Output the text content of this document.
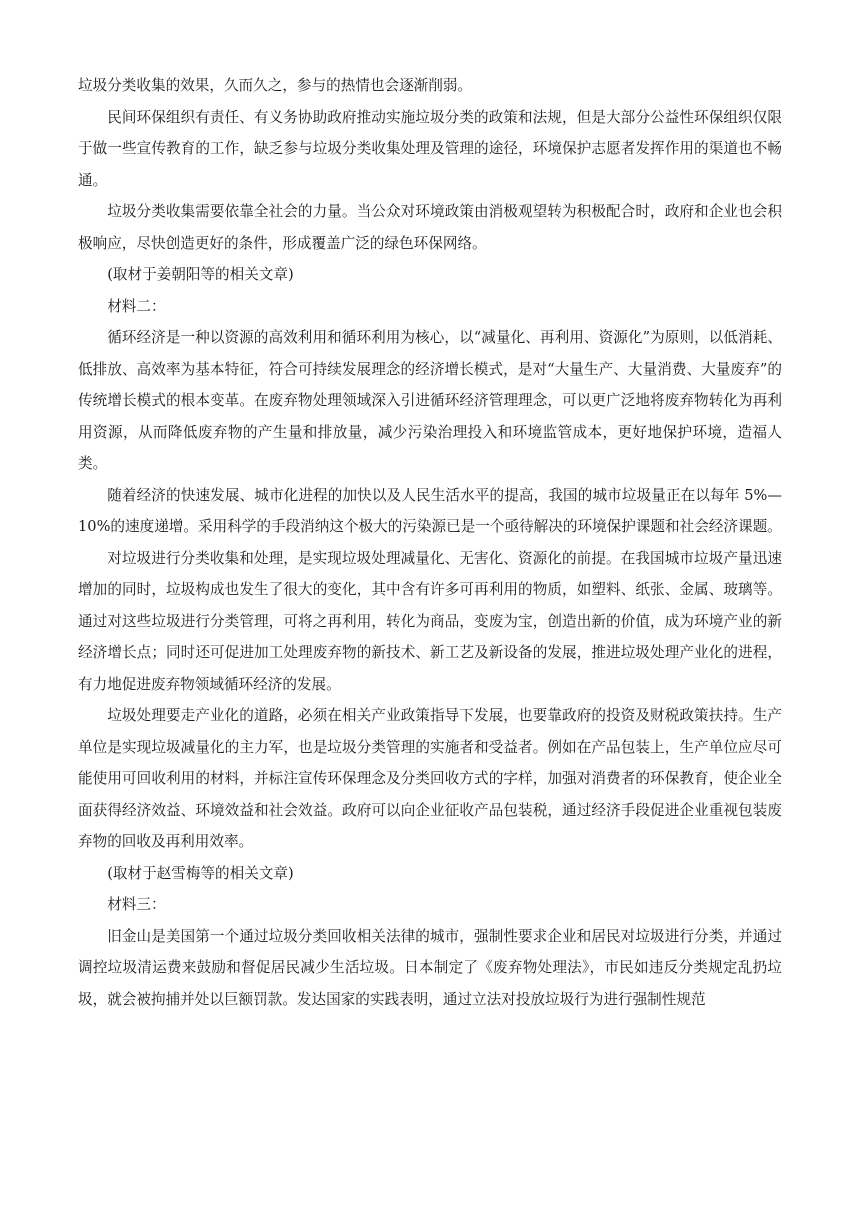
垃圾分类收集的效果，久而久之，参与的热情也会逐渐削弱。

民间环保组织有责任、有义务协助政府推动实施垃圾分类的政策和法规，但是大部分公益性环保组织仅限于做一些宣传教育的工作，缺乏参与垃圾分类收集处理及管理的途径，环境保护志愿者发挥作用的渠道也不畅通。

垃圾分类收集需要依靠全社会的力量。当公众对环境政策由消极观望转为积极配合时，政府和企业也会积极响应，尽快创造更好的条件，形成覆盖广泛的绿色环保网络。

(取材于姜朝阳等的相关文章)

材料二：

循环经济是一种以资源的高效利用和循环利用为核心，以“减量化、再利用、资源化”为原则，以低消耗、低排放、高效率为基本特征，符合可持续发展理念的经济增长模式，是对“大量生产、大量消费、大量废弃”的传统增长模式的根本变革。在废弃物处理领域深入引进循环经济管理理念，可以更广泛地将废弃物转化为再利用资源，从而降低废弃物的产生量和排放量，减少污染治理投入和环境监管成本，更好地保护环境，造福人类。

随着经济的快速发展、城市化进程的加快以及人民生活水平的提高，我国的城市垃圾量正在以每年 5%—10%的速度递增。采用科学的手段消纳这个极大的污染源已是一个亟待解决的环境保护课题和社会经济课题。

对垃圾进行分类收集和处理，是实现垃圾处理减量化、无害化、资源化的前提。在我国城市垃圾产量迅速增加的同时，垃圾构成也发生了很大的变化，其中含有许多可再利用的物质，如塑料、纸张、金属、玻璃等。通过对这些垃圾进行分类管理，可将之再利用，转化为商品，变废为宝，创造出新的价值，成为环境产业的新经济增长点；同时还可促进加工处理废弃物的新技术、新工艺及新设备的发展，推进垃圾处理产业化的进程，有力地促进废弃物领域循环经济的发展。

垃圾处理要走产业化的道路，必须在相关产业政策指导下发展，也要靠政府的投资及财税政策扶持。生产单位是实现垃圾减量化的主力军，也是垃圾分类管理的实施者和受益者。例如在产品包装上，生产单位应尽可能使用可回收利用的材料，并标注宣传环保理念及分类回收方式的字样，加强对消费者的环保教育，使企业全面获得经济效益、环境效益和社会效益。政府可以向企业征收产品包装税，通过经济手段促进企业重视包装废弃物的回收及再利用效率。

(取材于赵雪梅等的相关文章)

材料三：

旧金山是美国第一个通过垃圾分类回收相关法律的城市，强制性要求企业和居民对垃圾进行分类，并通过调控垃圾清运费来鼓励和督促居民减少生活垃圾。日本制定了《废弃物处理法》，市民如违反分类规定乱扔垃圾，就会被拘捕并处以巨额罚款。发达国家的实践表明，通过立法对投放垃圾行为进行强制性规范
